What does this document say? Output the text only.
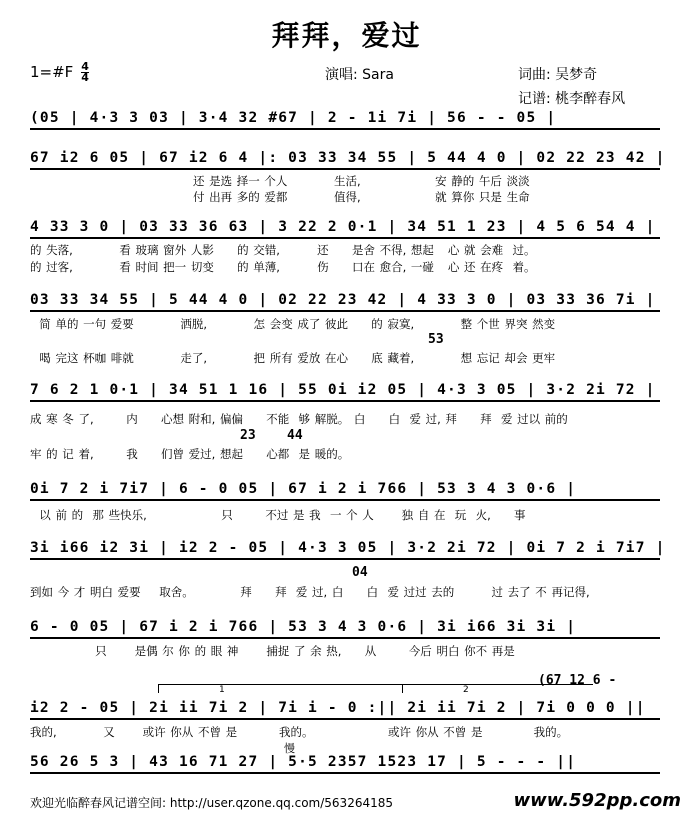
拜拜，爱过
1=#F $\frac{4}{4}$	演唱: Sara	词曲: 吴梦奇
记谱: 桃李醉春风
(05 | 4·3 3 03 | 3·4 32 #67 | 2 - 1i 7i | 56 - - 05 |
67 i2 6 05 | 67 i2 6 4 |: 03 33 34 55 | 5 44 4 0 | 02 22 23 42 |
还 是选 择一 个人          生活,                安 静的 午后 淡淡
付 出再 多的 爱都          值得,                就 算你 只是 生命
4 33 3 0 | 03 33 36 63 | 3 22 2 0·1 | 34 51 1 23 | 4 5 6 54 4 |
的 失落,          看 玻璃 窗外 人影     的 交错,        还     是舍 不得, 想起   心 就 会难  过。
的 过客,          看 时间 把一 切变     的 单薄,        伤     口在 愈合, 一碰   心 还 在疼  着。
03 33 34 55 | 5 44 4 0 | 02 22 23 42 | 4 33 3 0 | 03 33 36 7i |
简 单的 一句 爱要          洒脱,          怎 会变 成了 彼此     的 寂寞,          整 个世 界突 然变
53
喝 完这 杯咖 啡就          走了,          把 所有 爱放 在心     底 藏着,          想 忘记 却会 更牢
7 6 2 1 0·1 | 34 51 1 16 | 55 0i i2 05 | 4·3 3 05 | 3·2 2i 72 |
成 寒 冬 了,       内     心想 附和, 偏偏     不能  够 解脱。 白     白  爱 过, 拜     拜  爱 过以 前的
23 44
牢 的 记 着,       我     们曾 爱过, 想起     心都  是 暖的。
0i 7 2 i 7i7 | 6 - 0 05 | 67 i 2 i 766 | 53 3 4 3 0·6 |
以 前 的  那 些快乐,                只       不过 是 我  一 个 人      独 自 在  玩  火,     事
3i i66 i2 3i | i2 2 - 05 | 4·3 3 05 | 3·2 2i 72 | 0i 7 2 i 7i7 |
04
到如 今 才 明白 爱要    取舍。          拜     拜  爱 过, 白     白  爱 过过 去的        过 去了 不 再记得,
6 - 0 05 | 67 i 2 i 766 | 53 3 4 3 0·6 | 3i i66 3i 3i |
只      是偶 尔 你 的 眼 神      捕捉 了 余 热,     从       今后 明白 你不 再是
1	2
(67 12 6 -
i2 2 - 05 | 2i ii 7i 2 | 7i i - 0 :|| 2i ii 7i 2 | 7i 0 0 0 ||
我的,          又      或许 你从 不曾 是         我的。                或许 你从 不曾 是           我的。
慢
56 26 5 3 | 43 16 71 27 | 5·5 2357 1523 17 | 5 - - - ||
欢迎光临醉春风记谱空间: http://user.qzone.qq.com/563264185	www.592pp.com
